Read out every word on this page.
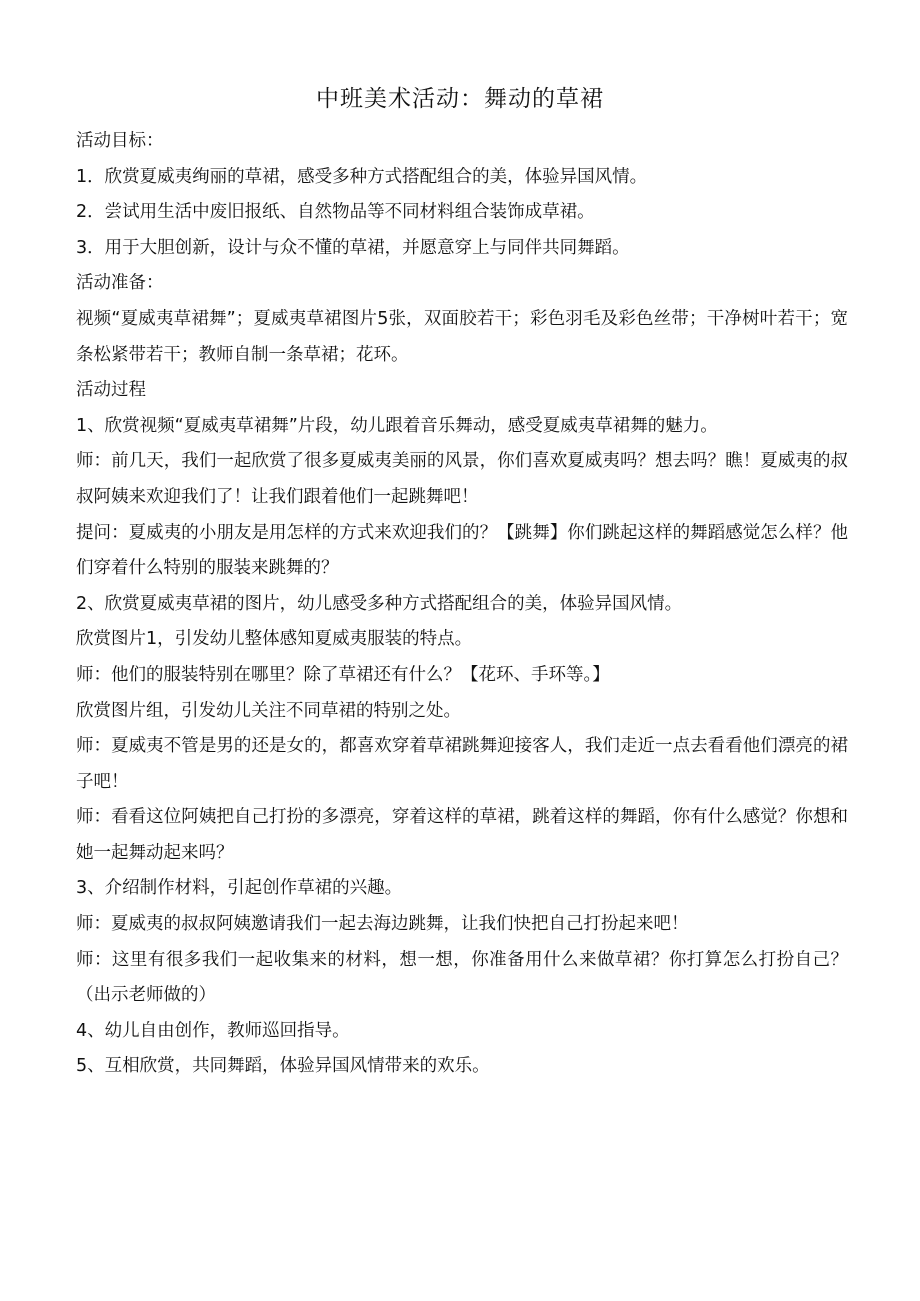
中班美术活动：舞动的草裙

活动目标：

1．欣赏夏威夷绚丽的草裙，感受多种方式搭配组合的美，体验异国风情。

2．尝试用生活中废旧报纸、自然物品等不同材料组合装饰成草裙。

3．用于大胆创新，设计与众不懂的草裙，并愿意穿上与同伴共同舞蹈。

活动准备：

视频“夏威夷草裙舞”；夏威夷草裙图片5张，双面胶若干；彩色羽毛及彩色丝带；干净树叶若干；宽条松紧带若干；教师自制一条草裙；花环。

活动过程

1、欣赏视频“夏威夷草裙舞”片段，幼儿跟着音乐舞动，感受夏威夷草裙舞的魅力。

师：前几天，我们一起欣赏了很多夏威夷美丽的风景，你们喜欢夏威夷吗？想去吗？瞧！夏威夷的叔叔阿姨来欢迎我们了！让我们跟着他们一起跳舞吧！

提问：夏威夷的小朋友是用怎样的方式来欢迎我们的？【跳舞】你们跳起这样的舞蹈感觉怎么样？他们穿着什么特别的服装来跳舞的？

2、欣赏夏威夷草裙的图片，幼儿感受多种方式搭配组合的美，体验异国风情。

欣赏图片1，引发幼儿整体感知夏威夷服装的特点。

师：他们的服装特别在哪里？除了草裙还有什么？【花环、手环等。】

欣赏图片组，引发幼儿关注不同草裙的特别之处。

师：夏威夷不管是男的还是女的，都喜欢穿着草裙跳舞迎接客人，我们走近一点去看看他们漂亮的裙子吧！

师：看看这位阿姨把自己打扮的多漂亮，穿着这样的草裙，跳着这样的舞蹈，你有什么感觉？你想和她一起舞动起来吗？

3、介绍制作材料，引起创作草裙的兴趣。

师：夏威夷的叔叔阿姨邀请我们一起去海边跳舞，让我们快把自己打扮起来吧！

师：这里有很多我们一起收集来的材料，想一想，你准备用什么来做草裙？你打算怎么打扮自己？（出示老师做的）

4、幼儿自由创作，教师巡回指导。

5、互相欣赏，共同舞蹈，体验异国风情带来的欢乐。
